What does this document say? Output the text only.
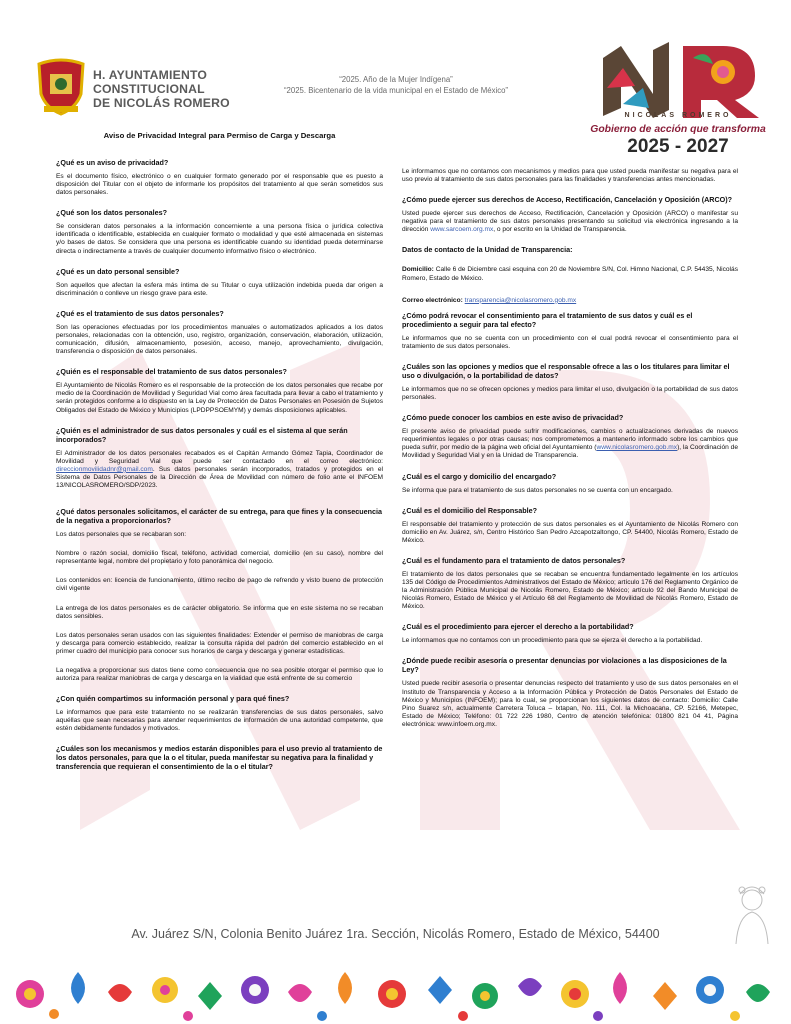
H. AYUNTAMIENTO
CONSTITUCIONAL
DE NICOLÁS ROMERO
“2025. Año de la Mujer Indígena”
“2025. Bicentenario de la vida municipal en el Estado de México”
NICOLÁS ROMERO
Gobierno de acción que transforma
2025 - 2027
Aviso de Privacidad Integral para Permiso de Carga y Descarga
¿Qué es un aviso de privacidad?
Es el documento físico, electrónico o en cualquier formato generado por el responsable que es puesto a disposición del Titular con el objeto de informarle los propósitos del tratamiento al que serán sometidos sus datos personales.
¿Qué son los datos personales?
Se consideran datos personales a la información concerniente a una persona física o jurídica colectiva identificada o identificable, establecida en cualquier formato o modalidad y que esté almacenada en sistemas y/o bases de datos. Se considera que una persona es identificable cuando su identidad pueda determinarse directa o indirectamente a través de cualquier documento informativo físico o electrónico.
¿Qué es un dato personal sensible?
Son aquellos que afectan la esfera más íntima de su Titular o cuya utilización indebida pueda dar origen a discriminación o conlleve un riesgo grave para este.
¿Qué es el tratamiento de sus datos personales?
Son las operaciones efectuadas por los procedimientos manuales o automatizados aplicados a los datos personales, relacionadas con la obtención, uso, registro, organización, conservación, elaboración, utilización, comunicación, difusión, almacenamiento, posesión, acceso, manejo, aprovechamiento, divulgación, transferencia o disposición de datos personales.
¿Quién es el responsable del tratamiento de sus datos personales?
El Ayuntamiento de Nicolás Romero es el responsable de la protección de los datos personales que recabe por medio de la Coordinación de Movilidad y Seguridad Vial como área facultada para llevar a cabo el tratamiento y serán protegidos conforme a lo dispuesto en la Ley de Protección de Datos Personales en Posesión de Sujetos Obligados del Estado de México y Municipios (LPDPPSOEMYM) y demás disposiciones aplicables.
¿Quién es el administrador de sus datos personales y cuál es el sistema al que serán incorporados?
El Administrador de los datos personales recabados es el Capitán Armando Gómez Tapia, Coordinador de Movilidad y Seguridad Vial que puede ser contactado en el correo electrónico: direccionmovilidadnr@gmail.com. Sus datos personales serán incorporados, tratados y protegidos en el Sistema de Datos Personales de la Dirección de Área de Movilidad con número de folio ante el INFOEM 13/NICOLASROMERO/SDP/2023.
¿Qué datos personales solicitamos, el carácter de su entrega, para que fines y la consecuencia de la negativa a proporcionarlos?
Los datos personales que se recabaran son:
Nombre o razón social, domicilio fiscal, teléfono, actividad comercial, domicilio (en su caso), nombre del representante legal, nombre del propietario y foto panorámica del negocio.
Los contenidos en: licencia de funcionamiento, último recibo de pago de refrendo y visto bueno de protección civil vigente
La entrega de los datos personales es de carácter obligatorio. Se informa que en este sistema no se recaban datos sensibles.
Los datos personales seran usados con las siguientes finalidades: Extender el permiso de maniobras de carga y descarga para comercio establecido, realizar la consulta rápida del padrón del comercio establecido en el primer cuadro del municipio para conocer sus horarios de carga y descarga y generar estadísticas.
La negativa a proporcionar sus datos tiene como consecuencia que no sea posible otorgar el permiso que lo autoriza para realizar maniobras de carga y descarga en la vialidad que está enfrente de su comercio
¿Con quién compartimos su información personal y para qué fines?
Le informamos que para este tratamiento no se realizarán transferencias de sus datos personales, salvo aquéllas que sean necesarias para atender requerimientos de información de una autoridad competente, que estén debidamente fundados y motivados.
¿Cuáles son los mecanismos y medios estarán disponibles para el uso previo al tratamiento de los datos personales, para que la o el titular, pueda manifestar su negativa para la finalidad y transferencia que requieran el consentimiento de la o el titular?
Le informamos que no contamos con mecanismos y medios para que usted pueda manifestar su negativa para el uso previo al tratamiento de sus datos personales para las finalidades y transferencias antes mencionadas.
¿Cómo puede ejercer sus derechos de Acceso, Rectificación, Cancelación y Oposición (ARCO)?
Usted puede ejercer sus derechos de Acceso, Rectificación, Cancelación y Oposición (ARCO) o manifestar su negativa para el tratamiento de sus datos personales presentando su solicitud vía electrónica ingresando a la dirección www.sarcoem.org.mx, o por escrito en la Unidad de Transparencia.
Datos de contacto de la Unidad de Transparencia:
Domicilio: Calle 6 de Diciembre casi esquina con 20 de Noviembre S/N, Col. Himno Nacional, C.P. 54435, Nicolás Romero, Estado de México.
Correo electrónico: transparencia@nicolasromero.gob.mx
¿Cómo podrá revocar el consentimiento para el tratamiento de sus datos y cuál es el procedimiento a seguir para tal efecto?
Le informamos que no se cuenta con un procedimiento con el cual podrá revocar el consentimiento para el tratamiento de sus datos personales.
¿Cuáles son las opciones y medios que el responsable ofrece a las o los titulares para limitar el uso o divulgación, o la portabilidad de datos?
Le informamos que no se ofrecen opciones y medios para limitar el uso, divulgación o la portabilidad de sus datos personales.
¿Cómo puede conocer los cambios en este aviso de privacidad?
El presente aviso de privacidad puede sufrir modificaciones, cambios o actualizaciones derivadas de nuevos requerimientos legales o por otras causas; nos comprometemos a mantenerlo informado sobre los cambios que pueda sufrir, por medio de la página web oficial del Ayuntamiento (www.nicolasromero.gob.mx), la Coordinación de Movilidad y Seguridad Vial y en la Unidad de Transparencia.
¿Cuál es el cargo y domicilio del encargado?
Se informa que para el tratamiento de sus datos personales no se cuenta con un encargado.
¿Cuál es el domicilio del Responsable?
El responsable del tratamiento y protección de sus datos personales es el Ayuntamiento de Nicolás Romero con domicilio en Av. Juárez, s/n, Centro Histórico San Pedro Azcapotzaltongo, CP. 54400, Nicolás Romero, Estado de México.
¿Cuál es el fundamento para el tratamiento de datos personales?
El tratamiento de los datos personales que se recaban se encuentra fundamentado legalmente en los artículos 135 del Código de Procedimientos Administrativos del Estado de México; artículo 176 del Reglamento Orgánico de la Administración Pública Municipal de Nicolás Romero, Estado de México; artículo 92 del Bando Municipal de Nicolás Romero, Estado de México y el Artículo 68 del Reglamento de Movilidad de Nicolás Romero, Estado de México.
¿Cuál es el procedimiento para ejercer el derecho a la portabilidad?
Le informamos que no contamos con un procedimiento para que se ejerza el derecho a la portabilidad.
¿Dónde puede recibir asesoría o presentar denuncias por violaciones a las disposiciones de la Ley?
Usted puede recibir asesoría o presentar denuncias respecto del tratamiento y uso de sus datos personales en el Instituto de Transparencia y Acceso a la Información Pública y Protección de Datos Personales del Estado de México y Municipios (INFOEM); para lo cual, se proporcionan los siguientes datos de contacto: Domicilio: Calle Pino Suarez s/n, actualmente Carretera Toluca – Ixtapan, No. 111, Col. la Michoacana, CP. 52166, Metepec, Estado de México; Teléfono: 01 722 226 1980, Centro de atención telefónica: 01800 821 04 41, Página electrónica: www.infoem.org.mx.
Av. Juárez S/N, Colonia Benito Juárez 1ra. Sección, Nicolás Romero, Estado de México, 54400
